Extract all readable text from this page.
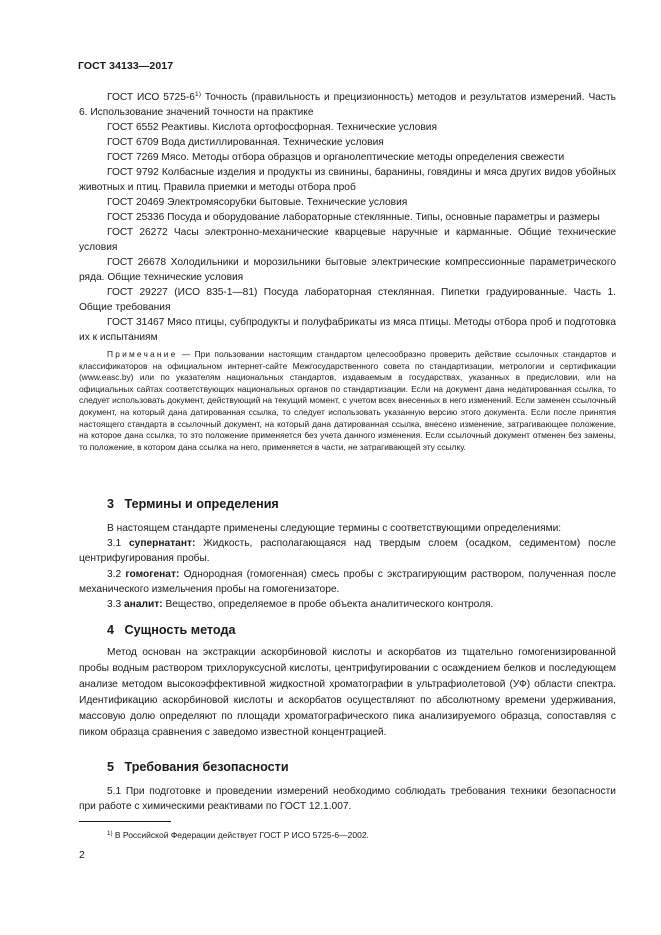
ГОСТ 34133—2017

ГОСТ ИСО 5725-6$^{1)}$ Точность (правильность и прецизионность) методов и результатов измерений. Часть 6. Использование значений точности на практике

ГОСТ 6552 Реактивы. Кислота ортофосфорная. Технические условия

ГОСТ 6709 Вода дистиллированная. Технические условия

ГОСТ 7269 Мясо. Методы отбора образцов и органолептические методы определения свежести

ГОСТ 9792 Колбасные изделия и продукты из свинины, баранины, говядины и мяса других видов убойных животных и птиц. Правила приемки и методы отбора проб

ГОСТ 20469 Электромясорубки бытовые. Технические условия

ГОСТ 25336 Посуда и оборудование лабораторные стеклянные. Типы, основные параметры и размеры

ГОСТ 26272 Часы электронно-механические кварцевые наручные и карманные. Общие технические условия

ГОСТ 26678 Холодильники и морозильники бытовые электрические компрессионные параметрического ряда. Общие технические условия

ГОСТ 29227 (ИСО 835-1—81) Посуда лабораторная стеклянная. Пипетки градуированные. Часть 1. Общие требования

ГОСТ 31467 Мясо птицы, субпродукты и полуфабрикаты из мяса птицы. Методы отбора проб и подготовка их к испытаниям

Примечание — При пользовании настоящим стандартом целесообразно проверить действие ссылочных стандартов и классификаторов на официальном интернет-сайте Межгосударственного совета по стандартизации, метрологии и сертификации (www.easc.by) или по указателям национальных стандартов, издаваемым в государствах, указанных в предисловии, или на официальных сайтах соответствующих национальных органов по стандартизации. Если на документ дана недатированная ссылка, то следует использовать документ, действующий на текущий момент, с учетом всех внесенных в него изменений. Если заменен ссылочный документ, на который дана датированная ссылка, то следует использовать указанную версию этого документа. Если после принятия настоящего стандарта в ссылочный документ, на который дана датированная ссылка, внесено изменение, затрагивающее положение, на которое дана ссылка, то это положение применяется без учета данного изменения. Если ссылочный документ отменен без замены, то положение, в котором дана ссылка на него, применяется в части, не затрагивающей эту ссылку.

3 Термины и определения

В настоящем стандарте применены следующие термины с соответствующими определениями:

3.1 супернатант: Жидкость, располагающаяся над твердым слоем (осадком, седиментом) после центрифугирования пробы.

3.2 гомогенат: Однородная (гомогенная) смесь пробы с экстрагирующим раствором, полученная после механического измельчения пробы на гомогенизаторе.

3.3 аналит: Вещество, определяемое в пробе объекта аналитического контроля.

4 Сущность метода

Метод основан на экстракции аскорбиновой кислоты и аскорбатов из тщательно гомогенизированной пробы водным раствором трихлоруксусной кислоты, центрифугировании с осаждением белков и последующем анализе методом высокоэффективной жидкостной хроматографии в ультрафиолетовой (УФ) области спектра. Идентификацию аскорбиновой кислоты и аскорбатов осуществляют по абсолютному времени удерживания, массовую долю определяют по площади хроматографического пика анализируемого образца, сопоставляя с пиком образца сравнения с заведомо известной концентрацией.

5 Требования безопасности

5.1 При подготовке и проведении измерений необходимо соблюдать требования техники безопасности при работе с химическими реактивами по ГОСТ 12.1.007.

$^{1)}$ В Российской Федерации действует ГОСТ Р ИСО 5725-6—2002.
2
